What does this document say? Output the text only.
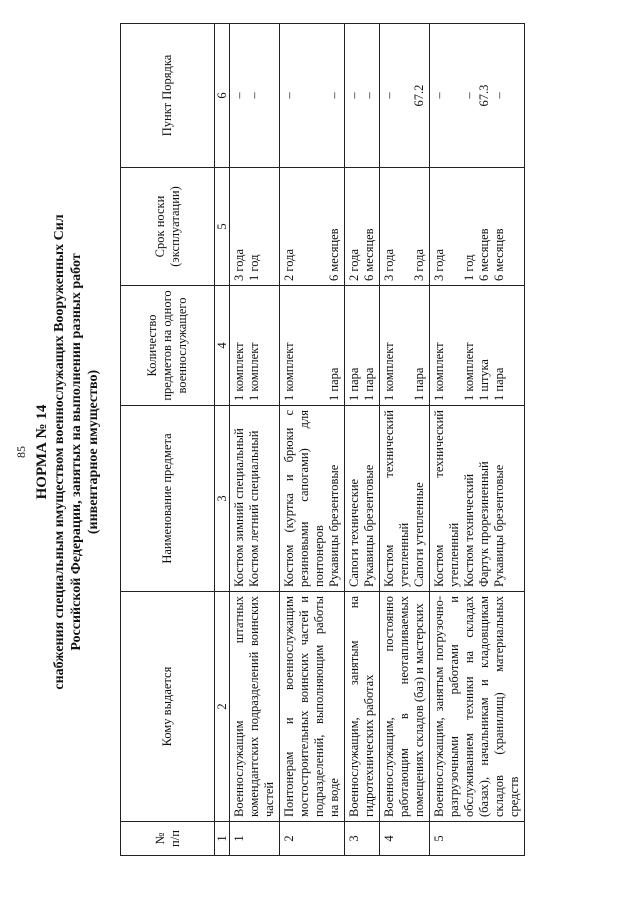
85 НОРМА № 14 снабжения специальным имуществом военнослужащих Вооруженных Сил Российской Федерации, занятых на выполнении разных работ (инвентарное имущество)
№ п/п	Кому выдается	Наименование предмета	Количество предметов на одного военнослужащего	Срок носки (эксплуатации)	Пункт Порядка
1	2	3	4	5	6
1	Военнослужащим штатных комендантских подразделений воинских частей	Костюм зимний специальный Костюм летний специальный	1 комплект 1 комплект	3 года 1 год	– –

2	Понтонерам и военнослужащим мостостроительных воинских частей и подразделений, выполняющим работы на воде	Костюм (куртка и брюки с резиновыми сапогами) для понтонеров Рукавицы брезентовые	1 комплект 1 пара	2 года 6 месяцев	– –

3	Военнослужащим, занятым на гидротехнических работах	Сапоги технические Рукавицы брезентовые	1 пара 1 пара	2 года 6 месяцев	– –

4	Военнослужащим, постоянно работающим в неотапливаемых помещениях складов (баз) и мастерских	Костюм технический утепленный Сапоги утепленные	1 комплект 1 пара	3 года 3 года	– 67.2

5	Военнослужащим, занятым погрузочно-разгрузочными работами и обслуживанием техники на складах (базах), начальникам и кладовщикам складов (хранилищ) материальных средств	Костюм технический утепленный Костюм технический Фартук прорезиненный Рукавицы брезентовые	1 комплект 1 комплект 1 штука 1 пара	3 года 1 год 6 месяцев 6 месяцев	– – 67.3 –
